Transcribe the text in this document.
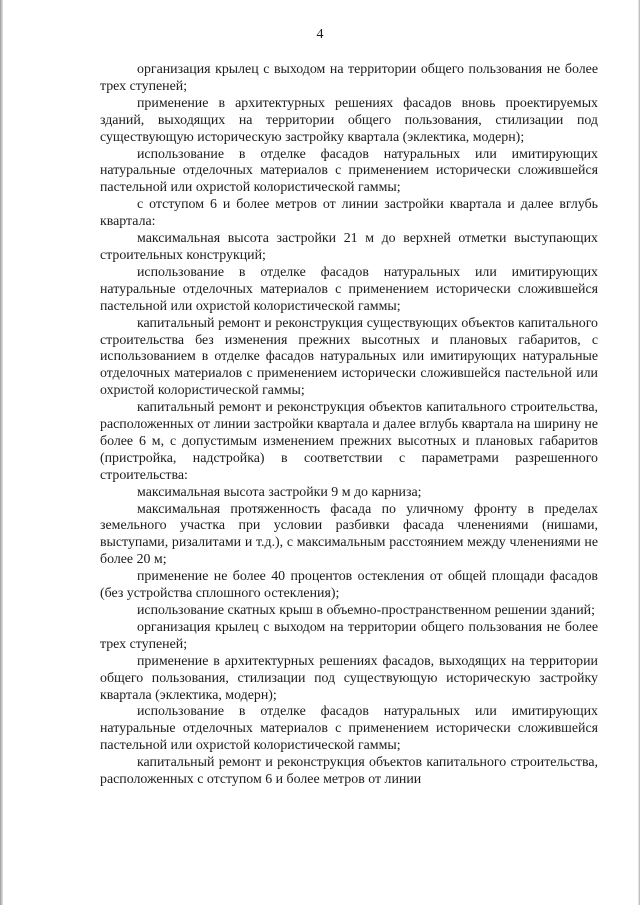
4

организация крылец с выходом на территории общего пользования не более трех ступеней;

применение в архитектурных решениях фасадов вновь проектируемых зданий, выходящих на территории общего пользования, стилизации под существующую историческую застройку квартала (эклектика, модерн);

использование в отделке фасадов натуральных или имитирующих натуральные отделочных материалов с применением исторически сложившейся пастельной или охристой колористической гаммы;

с отступом 6 и более метров от линии застройки квартала и далее вглубь квартала:

максимальная высота застройки 21 м до верхней отметки выступающих строительных конструкций;

использование в отделке фасадов натуральных или имитирующих натуральные отделочных материалов с применением исторически сложившейся пастельной или охристой колористической гаммы;

капитальный ремонт и реконструкция существующих объектов капитального строительства без изменения прежних высотных и плановых габаритов, с использованием в отделке фасадов натуральных или имитирующих натуральные отделочных материалов с применением исторически сложившейся пастельной или охристой колористической гаммы;

капитальный ремонт и реконструкция объектов капитального строительства, расположенных от линии застройки квартала и далее вглубь квартала на ширину не более 6 м, с допустимым изменением прежних высотных и плановых габаритов (пристройка, надстройка) в соответствии с параметрами разрешенного строительства:

максимальная высота застройки 9 м до карниза;

максимальная протяженность фасада по уличному фронту в пределах земельного участка при условии разбивки фасада членениями (нишами, выступами, ризалитами и т.д.), с максимальным расстоянием между членениями не более 20 м;

применение не более 40 процентов остекления от общей площади фасадов (без устройства сплошного остекления);

использование скатных крыш в объемно-пространственном решении зданий;

организация крылец с выходом на территории общего пользования не более трех ступеней;

применение в архитектурных решениях фасадов, выходящих на территории общего пользования, стилизации под существующую историческую застройку квартала (эклектика, модерн);

использование в отделке фасадов натуральных или имитирующих натуральные отделочных материалов с применением исторически сложившейся пастельной или охристой колористической гаммы;

капитальный ремонт и реконструкция объектов капитального строительства, расположенных с отступом 6 и более метров от линии
